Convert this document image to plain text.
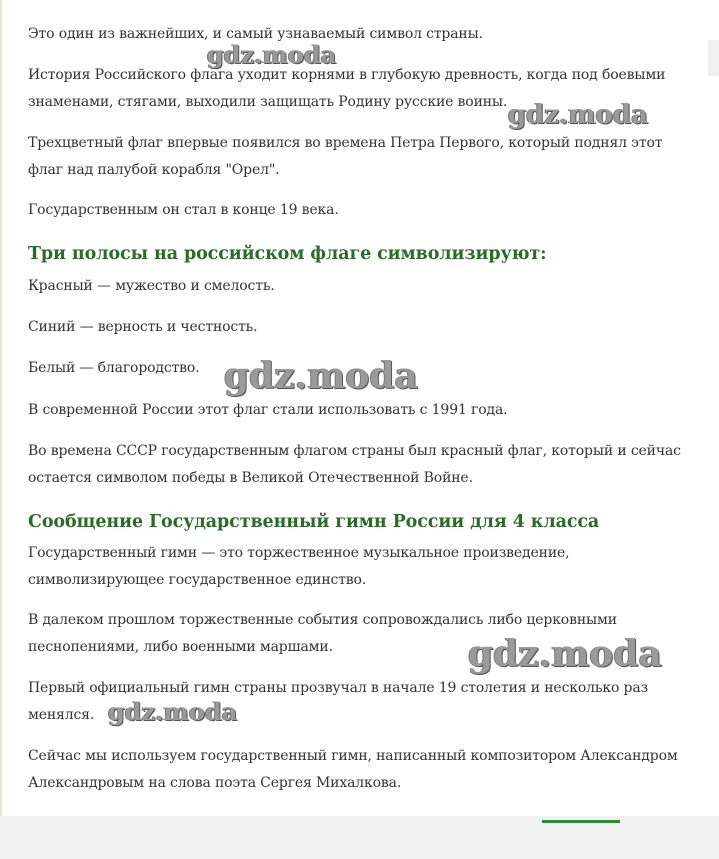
Это один из важнейших, и самый узнаваемый символ страны.

История Российского флага уходит корнями в глубокую древность, когда под боевыми

знаменами, стягами, выходили защищать Родину русские воины.

Трехцветный флаг впервые появился во времена Петра Первого, который поднял этот

флаг над палубой корабля "Орел".

Государственным он стал в конце 19 века.

Три полосы на российском флаге символизируют:

Красный — мужество и смелость.

Синий — верность и честность.

Белый — благородство.

В современной России этот флаг стали использовать с 1991 года.

Во времена СССР государственным флагом страны был красный флаг, который и сейчас

остается символом победы в Великой Отечественной Войне.

Сообщение Государственный гимн России для 4 класса

Государственный гимн — это торжественное музыкальное произведение,

символизирующее государственное единство.

В далеком прошлом торжественные события сопровождались либо церковными

песнопениями, либо военными маршами.

Первый официальный гимн страны прозвучал в начале 19 столетия и несколько раз

менялся.

Сейчас мы используем государственный гимн, написанный композитором Александром

Александровым на слова поэта Сергея Михалкова.

gdz.moda
gdz.moda
gdz.moda
gdz.moda
gdz.moda
